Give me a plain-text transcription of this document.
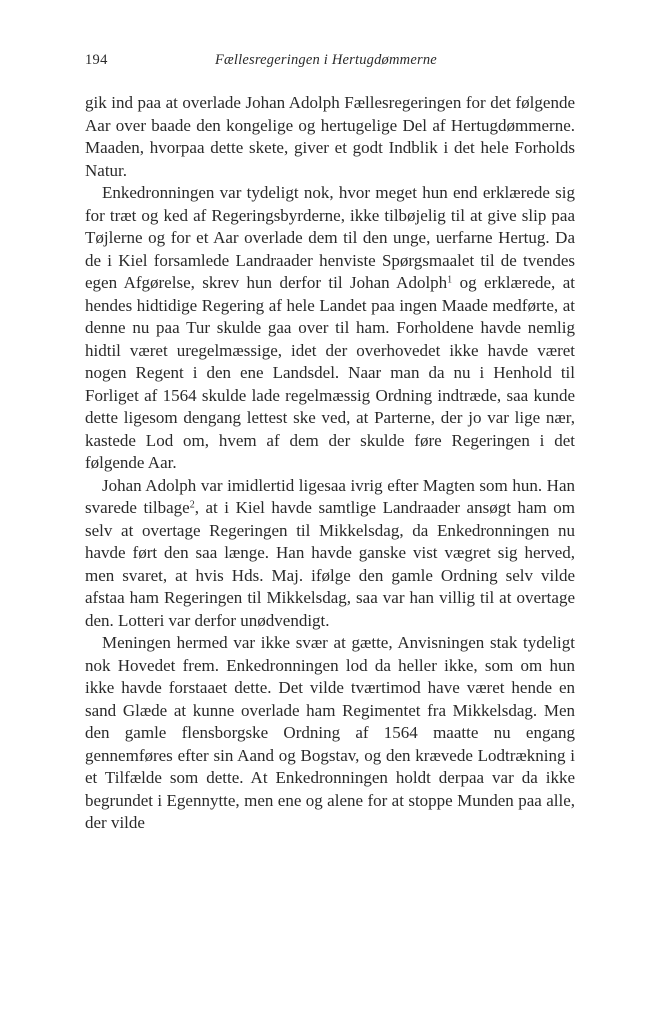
194	Fællesregeringen i Hertugdømmerne

gik ind paa at overlade Johan Adolph Fællesregeringen for det følgende Aar over baade den kongelige og hertugelige Del af Hertugdømmerne. Maaden, hvorpaa dette skete, giver et godt Indblik i det hele Forholds Natur.

Enkedronningen var tydeligt nok, hvor meget hun end erklærede sig for træt og ked af Regeringsbyrderne, ikke tilbøjelig til at give slip paa Tøjlerne og for et Aar overlade dem til den unge, uerfarne Hertug. Da de i Kiel forsamlede Landraader henviste Spørgsmaalet til de tvendes egen Afgørelse, skrev hun derfor til Johan Adolph$^1$ og erklærede, at hendes hidtidige Regering af hele Landet paa ingen Maade medførte, at denne nu paa Tur skulde gaa over til ham. Forholdene havde nemlig hidtil været uregelmæssige, idet der overhovedet ikke havde været nogen Regent i den ene Landsdel. Naar man da nu i Henhold til Forliget af 1564 skulde lade regelmæssig Ordning indtræde, saa kunde dette ligesom dengang lettest ske ved, at Parterne, der jo var lige nær, kastede Lod om, hvem af dem der skulde føre Regeringen i det følgende Aar.

Johan Adolph var imidlertid ligesaa ivrig efter Magten som hun. Han svarede tilbage$^2$, at i Kiel havde samtlige Landraader ansøgt ham om selv at overtage Regeringen til Mikkelsdag, da Enkedronningen nu havde ført den saa længe. Han havde ganske vist vægret sig herved, men svaret, at hvis Hds. Maj. ifølge den gamle Ordning selv vilde afstaa ham Regeringen til Mikkelsdag, saa var han villig til at overtage den. Lotteri var derfor unødvendigt.

Meningen hermed var ikke svær at gætte, Anvisningen stak tydeligt nok Hovedet frem. Enkedronningen lod da heller ikke, som om hun ikke havde forstaaet dette. Det vilde tværtimod have været hende en sand Glæde at kunne overlade ham Regimentet fra Mikkelsdag. Men den gamle flensborgske Ordning af 1564 maatte nu engang gennemføres efter sin Aand og Bogstav, og den krævede Lodtrækning i et Tilfælde som dette. At Enkedronningen holdt derpaa var da ikke begrundet i Egennytte, men ene og alene for at stoppe Munden paa alle, der vilde
